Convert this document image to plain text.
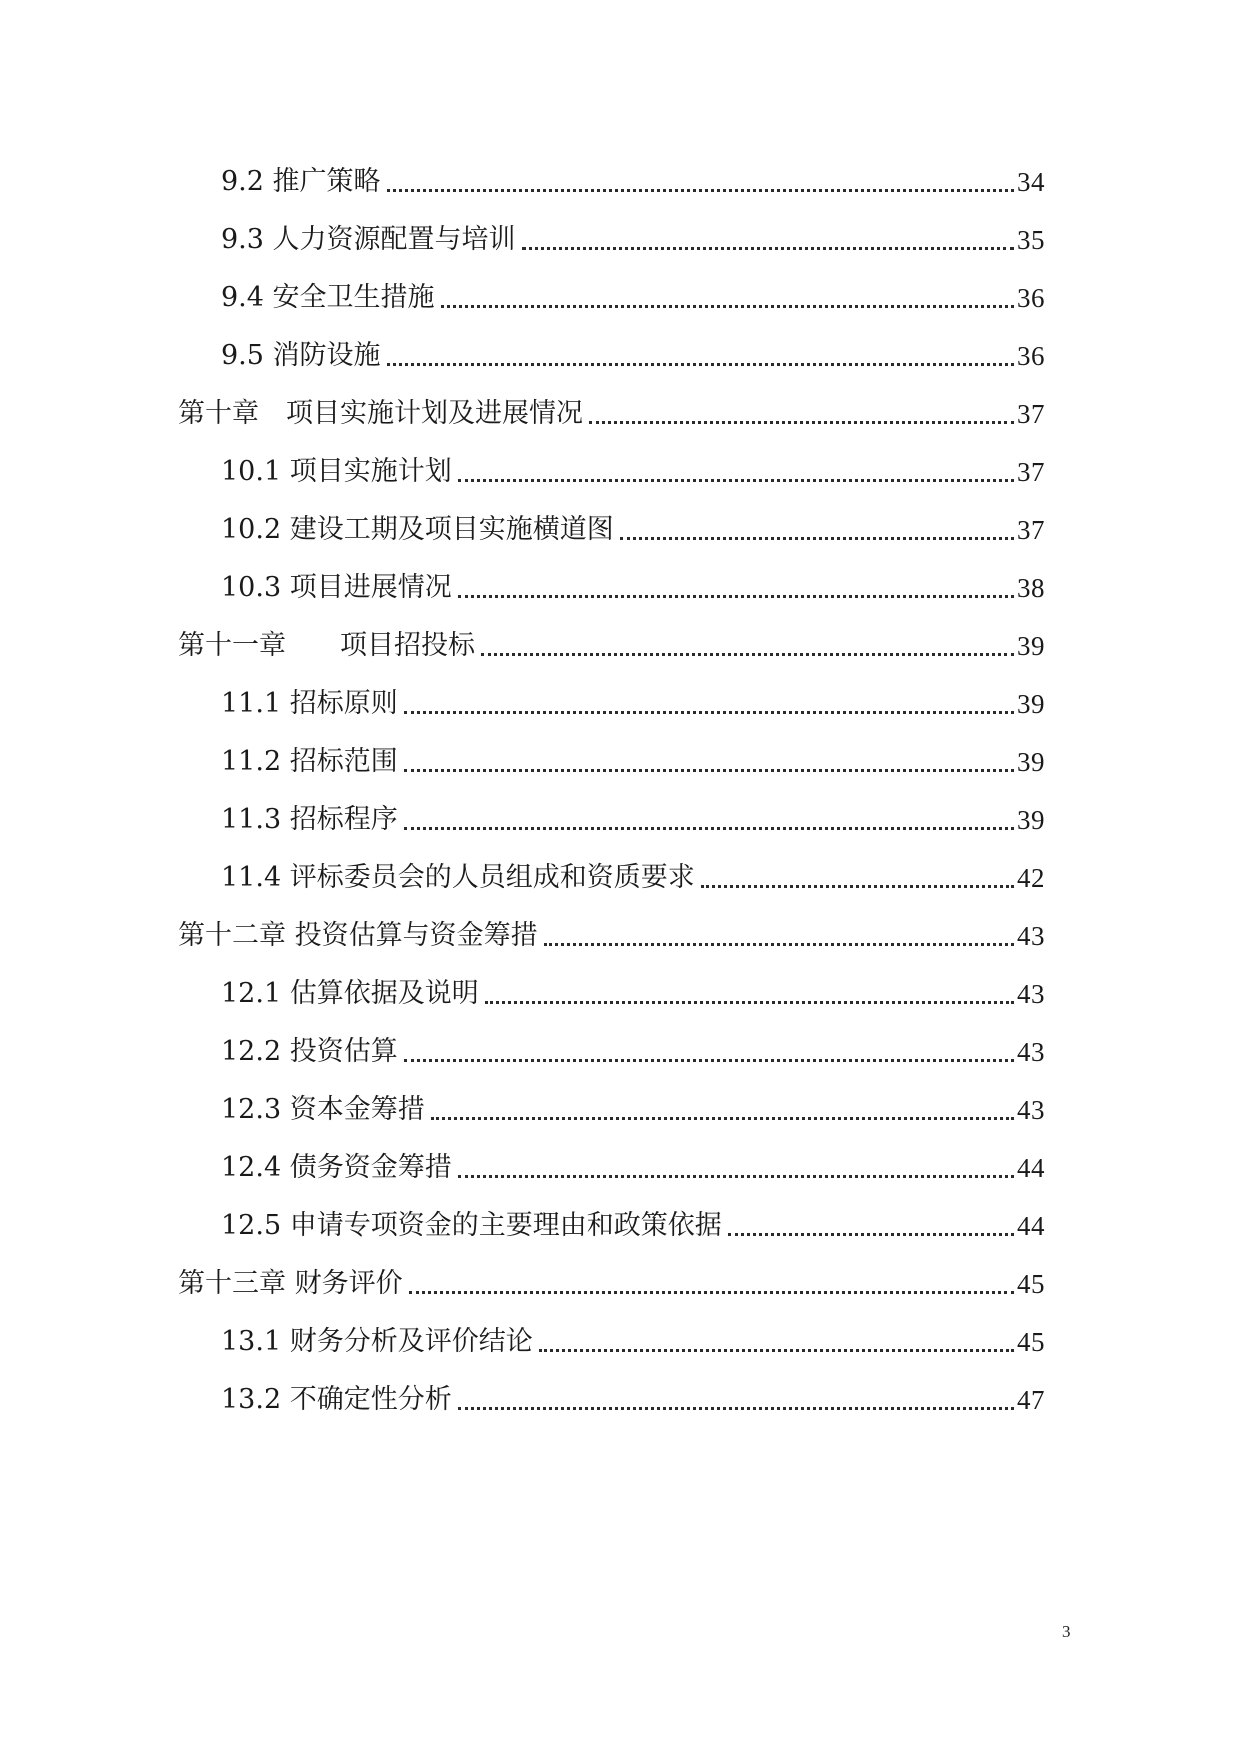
9.2 推广策略	34
9.3 人力资源配置与培训	35
9.4 安全卫生措施	36
9.5 消防设施	36
第十章　项目实施计划及进展情况	37
10.1 项目实施计划	37
10.2 建设工期及项目实施横道图	37
10.3 项目进展情况	38
第十一章　　项目招投标	39
11.1 招标原则	39
11.2 招标范围	39
11.3 招标程序	39
11.4 评标委员会的人员组成和资质要求	42
第十二章 投资估算与资金筹措	43
12.1 估算依据及说明	43
12.2 投资估算	43
12.3 资本金筹措	43
12.4 债务资金筹措	44
12.5 申请专项资金的主要理由和政策依据	44
第十三章 财务评价	45
13.1 财务分析及评价结论	45
13.2 不确定性分析	47
3
